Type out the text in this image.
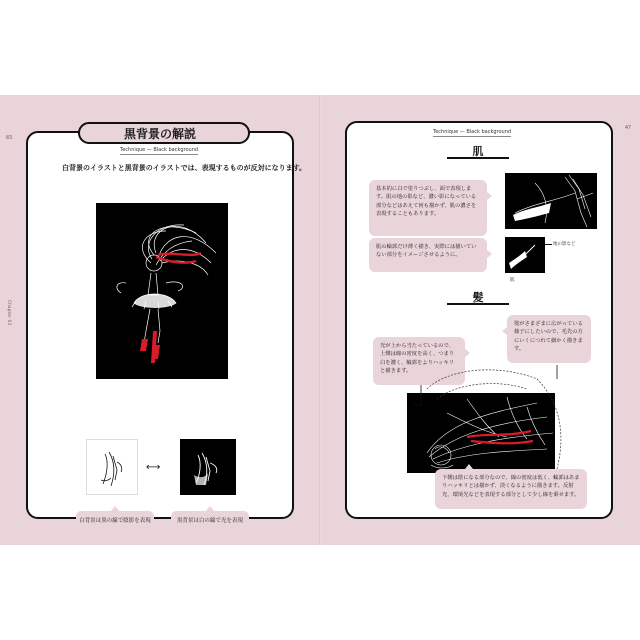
83
Chapter 03
黒背景の解説
Technique — Black background
白背景のイラストと黒背景のイラストでは、表現するものが反対になります。
⟷
白背景は黒の線で陰影を表現	黒背景は白の線で光を表現
47
Technique — Black background
肌
基本的に白で塗りつぶし、面で表現します。肌の地の影など、濃い影になっている部分などはあえて何も描かず、肌の濃さを表現することもあります。
肌の輪郭だけ薄く描き、実際には描いていない部分をイメージさせるように。
地の影など
肌
髪
髪がさまざまに広がっている様子にしたいので、毛先の方にいくにつれて細かく描きます。
光が上から当たっているので、上側は線の密度を高く、つまり白を濃く、輪郭をよりハッキリと描きます。
下側は陰になる部分なので、線の密度は低く、輪郭はあまりハッキリとは描かず、淡くなるように描きます。反射光、環境光などを表現する部分として少し線を乗せます。
